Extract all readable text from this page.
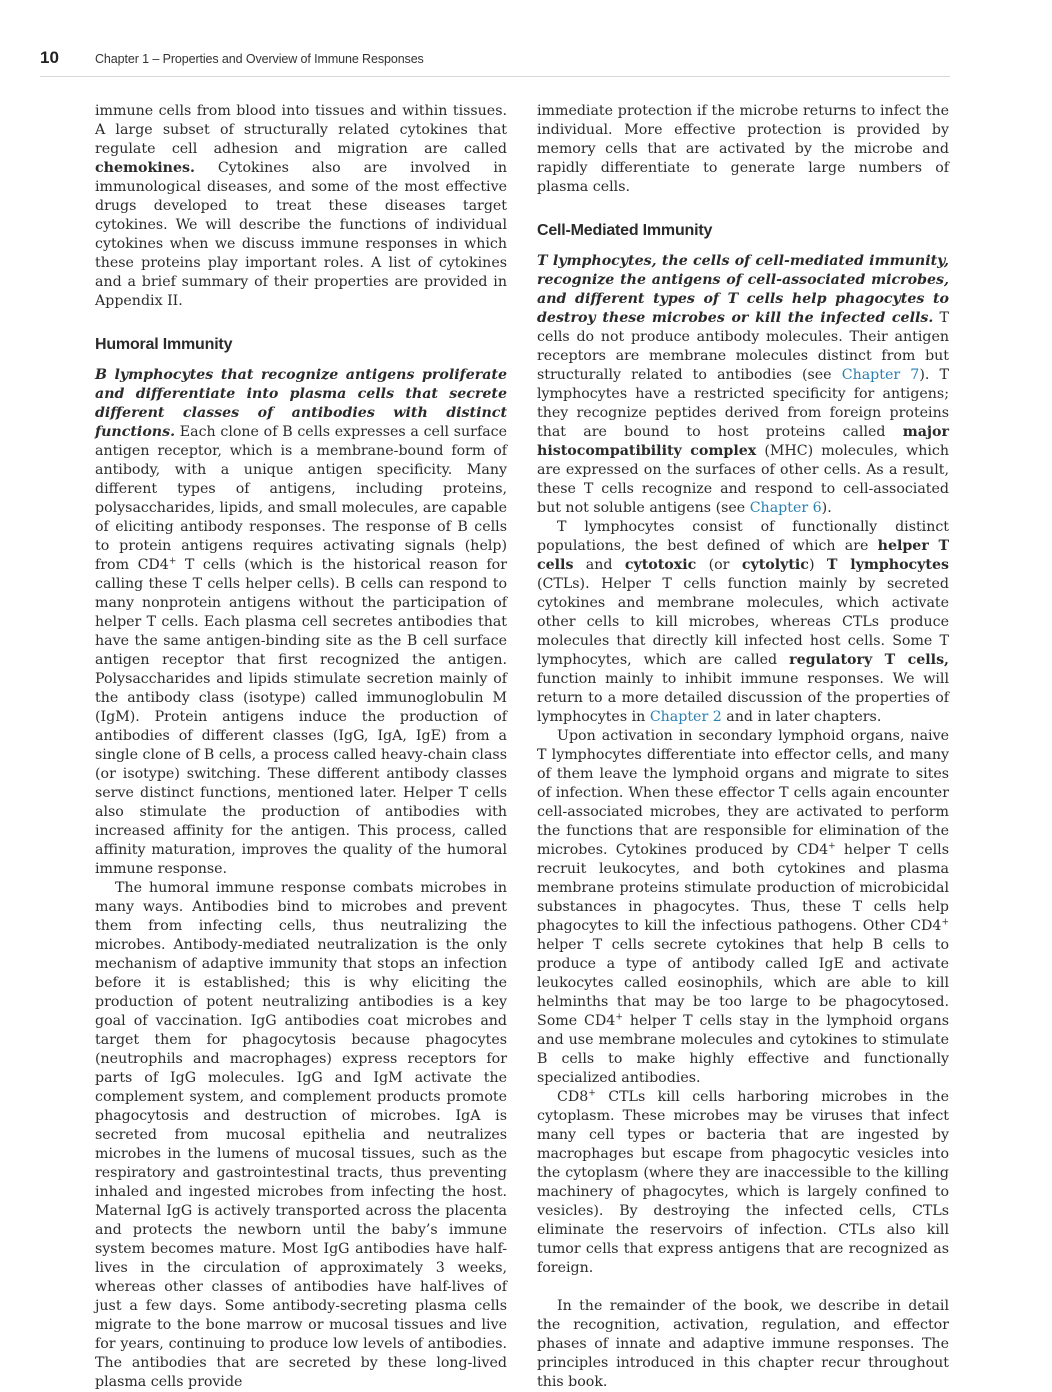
10	Chapter 1 – Properties and Overview of Immune Responses

immune cells from blood into tissues and within tissues. A large subset of structurally related cytokines that regulate cell adhesion and migration are called chemokines. Cytokines also are involved in immunological diseases, and some of the most effective drugs developed to treat these diseases target cytokines. We will describe the functions of individual cytokines when we discuss immune responses in which these proteins play important roles. A list of cytokines and a brief summary of their properties are provided in Appendix II.

Humoral Immunity

B lymphocytes that recognize antigens proliferate and differentiate into plasma cells that secrete different classes of antibodies with distinct functions. Each clone of B cells expresses a cell surface antigen receptor, which is a membrane-bound form of antibody, with a unique antigen specificity. Many different types of antigens, including proteins, polysaccharides, lipids, and small molecules, are capable of eliciting antibody responses. The response of B cells to protein antigens requires activating signals (help) from CD4+ T cells (which is the historical reason for calling these T cells helper cells). B cells can respond to many nonprotein antigens without the participation of helper T cells. Each plasma cell secretes antibodies that have the same antigen-binding site as the B cell surface antigen receptor that first recognized the antigen. Polysaccharides and lipids stimulate secretion mainly of the antibody class (isotype) called immunoglobulin M (IgM). Protein antigens induce the production of antibodies of different classes (IgG, IgA, IgE) from a single clone of B cells, a process called heavy-chain class (or isotype) switching. These different antibody classes serve distinct functions, mentioned later. Helper T cells also stimulate the production of antibodies with increased affinity for the antigen. This process, called affinity maturation, improves the quality of the humoral immune response.

The humoral immune response combats microbes in many ways. Antibodies bind to microbes and prevent them from infecting cells, thus neutralizing the microbes. Antibody-mediated neutralization is the only mechanism of adaptive immunity that stops an infection before it is established; this is why eliciting the production of potent neutralizing antibodies is a key goal of vaccination. IgG antibodies coat microbes and target them for phagocytosis because phagocytes (neutrophils and macrophages) express receptors for parts of IgG molecules. IgG and IgM activate the complement system, and complement products promote phagocytosis and destruction of microbes. IgA is secreted from mucosal epithelia and neutralizes microbes in the lumens of mucosal tissues, such as the respiratory and gastrointestinal tracts, thus preventing inhaled and ingested microbes from infecting the host. Maternal IgG is actively transported across the placenta and protects the newborn until the baby’s immune system becomes mature. Most IgG antibodies have half-lives in the circulation of approximately 3 weeks, whereas other classes of antibodies have half-lives of just a few days. Some antibody-secreting plasma cells migrate to the bone marrow or mucosal tissues and live for years, continuing to produce low levels of antibodies. The antibodies that are secreted by these long-lived plasma cells provide

immediate protection if the microbe returns to infect the individual. More effective protection is provided by memory cells that are activated by the microbe and rapidly differentiate to generate large numbers of plasma cells.

Cell-Mediated Immunity

T lymphocytes, the cells of cell-mediated immunity, recognize the antigens of cell-associated microbes, and different types of T cells help phagocytes to destroy these microbes or kill the infected cells. T cells do not produce antibody molecules. Their antigen receptors are membrane molecules distinct from but structurally related to antibodies (see Chapter 7). T lymphocytes have a restricted specificity for antigens; they recognize peptides derived from foreign proteins that are bound to host proteins called major histocompatibility complex (MHC) molecules, which are expressed on the surfaces of other cells. As a result, these T cells recognize and respond to cell-associated but not soluble antigens (see Chapter 6).

T lymphocytes consist of functionally distinct populations, the best defined of which are helper T cells and cytotoxic (or cytolytic) T lymphocytes (CTLs). Helper T cells function mainly by secreted cytokines and membrane molecules, which activate other cells to kill microbes, whereas CTLs produce molecules that directly kill infected host cells. Some T lymphocytes, which are called regulatory T cells, function mainly to inhibit immune responses. We will return to a more detailed discussion of the properties of lymphocytes in Chapter 2 and in later chapters.

Upon activation in secondary lymphoid organs, naive T lymphocytes differentiate into effector cells, and many of them leave the lymphoid organs and migrate to sites of infection. When these effector T cells again encounter cell-associated microbes, they are activated to perform the functions that are responsible for elimination of the microbes. Cytokines produced by CD4+ helper T cells recruit leukocytes, and both cytokines and plasma membrane proteins stimulate production of microbicidal substances in phagocytes. Thus, these T cells help phagocytes to kill the infectious pathogens. Other CD4+ helper T cells secrete cytokines that help B cells to produce a type of antibody called IgE and activate leukocytes called eosinophils, which are able to kill helminths that may be too large to be phagocytosed. Some CD4+ helper T cells stay in the lymphoid organs and use membrane molecules and cytokines to stimulate B cells to make highly effective and functionally specialized antibodies.

CD8+ CTLs kill cells harboring microbes in the cytoplasm. These microbes may be viruses that infect many cell types or bacteria that are ingested by macrophages but escape from phagocytic vesicles into the cytoplasm (where they are inaccessible to the killing machinery of phagocytes, which is largely confined to vesicles). By destroying the infected cells, CTLs eliminate the reservoirs of infection. CTLs also kill tumor cells that express antigens that are recognized as foreign.

In the remainder of the book, we describe in detail the recognition, activation, regulation, and effector phases of innate and adaptive immune responses. The principles introduced in this chapter recur throughout this book.
